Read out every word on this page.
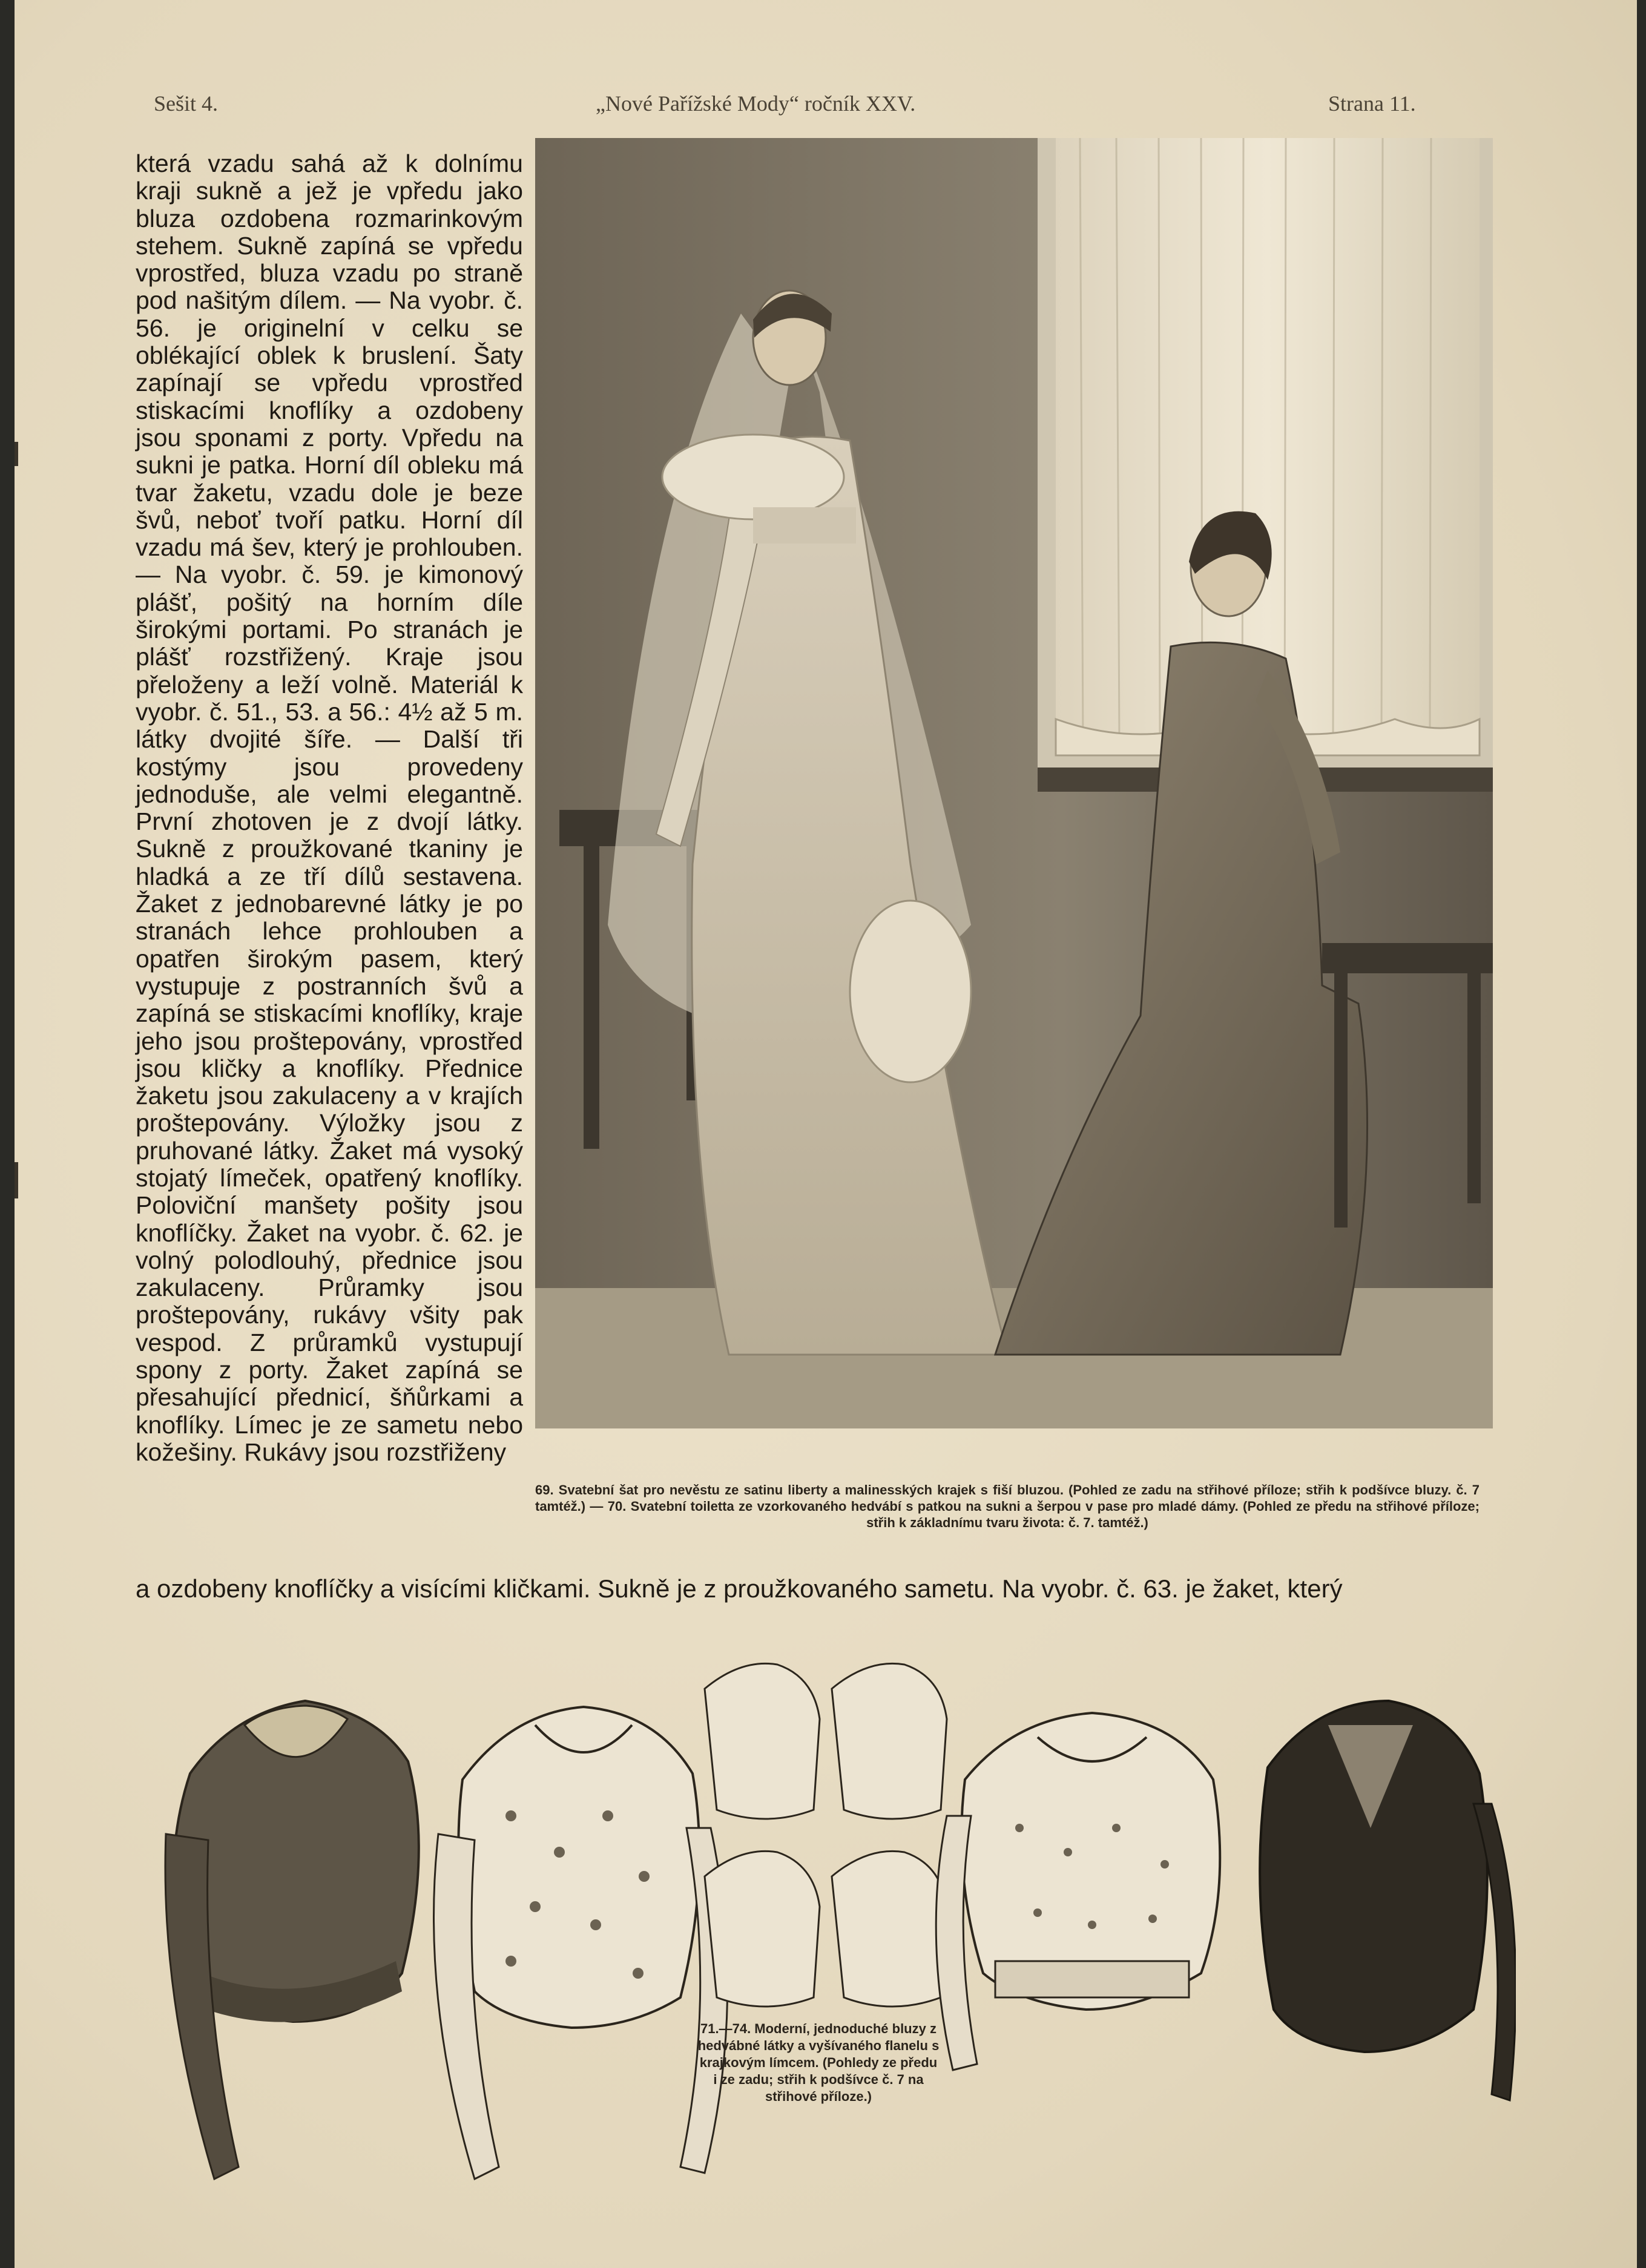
Sešit 4.	„Nové Pařížské Mody“ ročník XXV.	Strana 11.
která vzadu sahá až k dolnímu kraji sukně a jež je vpředu jako bluza ozdobena rozmarinkovým stehem. Sukně zapíná se vpředu vprostřed, bluza vzadu po straně pod našitým dílem. — Na vyobr. č. 56. je originelní v celku se oblékající oblek k bruslení. Šaty zapínají se vpředu vprostřed stiskacími knoflíky a ozdobeny jsou sponami z porty. Vpředu na sukni je patka. Horní díl obleku má tvar žaketu, vzadu dole je beze švů, neboť tvoří patku. Horní díl vzadu má šev, který je prohlouben. — Na vyobr. č. 59. je kimonový plášť, pošitý na horním díle širokými portami. Po stranách je plášť rozstřižený. Kraje jsou přeloženy a leží volně. Materiál k vyobr. č. 51., 53. a 56.: 4½ až 5 m. látky dvojité šíře. — Další tři kostýmy jsou provedeny jednoduše, ale velmi elegantně. První zhotoven je z dvojí látky. Sukně z proužkované tkaniny je hladká a ze tří dílů sestavena. Žaket z jednobarevné látky je po stranách lehce prohlouben a opatřen širokým pasem, který vystupuje z postranních švů a zapíná se stiskacími knoflíky, kraje jeho jsou proštepovány, vprostřed jsou kličky a knoflíky. Přednice žaketu jsou zakulaceny a v krajích proštepovány. Výložky jsou z pruhované látky. Žaket má vysoký stojatý límeček, opatřený knoflíky. Poloviční manšety pošity jsou knoflíčky. Žaket na vyobr. č. 62. je volný polodlouhý, přednice jsou zakulaceny. Průramky jsou proštepovány, rukávy všity pak vespod. Z průramků vystupují spony z porty. Žaket zapíná se přesahující přednicí, šňůrkami a knoflíky. Límec je ze sametu nebo kožešiny. Rukávy jsou rozstřiženy
69. Svatební šat pro nevěstu ze satinu liberty a malinesských krajek s fiší bluzou. (Pohled ze zadu na střihové příloze; střih k podšívce bluzy. č. 7 tamtéž.) — 70. Svatební toiletta ze vzorkovaného hedvábí s patkou na sukni a šerpou v pase pro mladé dámy. (Pohled ze předu na střihové příloze; střih k základnímu tvaru života: č. 7. tamtéž.)
a ozdobeny knoflíčky a visícími kličkami. Sukně je z proužkovaného sametu. Na vyobr. č. 63. je žaket, který
71.—74. Moderní, jednoduché bluzy z hedvábné látky a vyšívaného flanelu s krajkovým límcem. (Pohledy ze předu i ze zadu; střih k podšívce č. 7 na střihové příloze.)
